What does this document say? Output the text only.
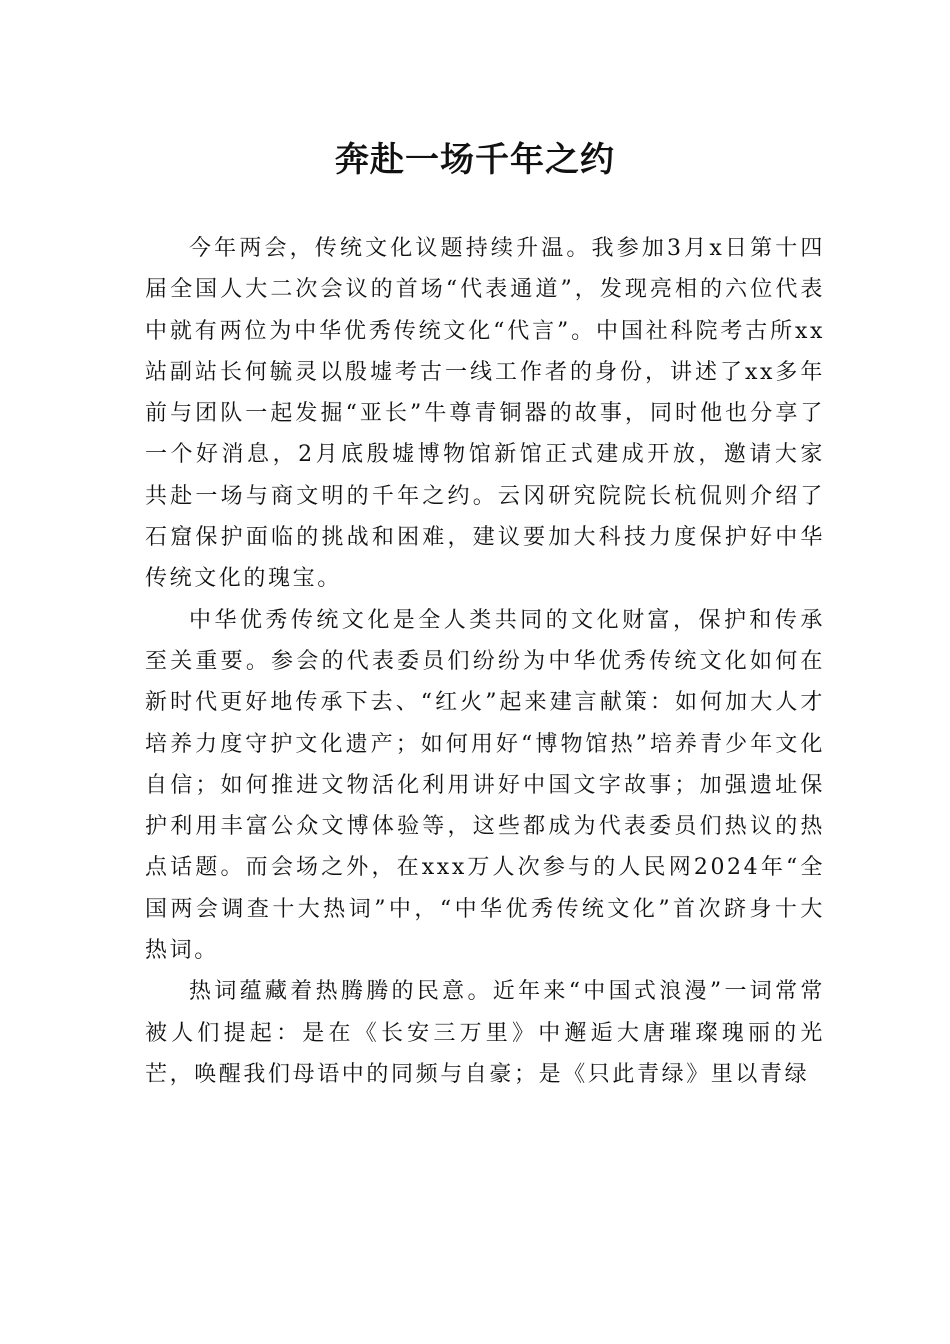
奔赴一场千年之约

今年两会，传统文化议题持续升温。我参加3月x日第十四届全国人大二次会议的首场“代表通道”，发现亮相的六位代表中就有两位为中华优秀传统文化“代言”。中国社科院考古所xx站副站长何毓灵以殷墟考古一线工作者的身份，讲述了xx多年前与团队一起发掘“亚长”牛尊青铜器的故事，同时他也分享了一个好消息，2月底殷墟博物馆新馆正式建成开放，邀请大家共赴一场与商文明的千年之约。云冈研究院院长杭侃则介绍了石窟保护面临的挑战和困难，建议要加大科技力度保护好中华传统文化的瑰宝。

中华优秀传统文化是全人类共同的文化财富，保护和传承至关重要。参会的代表委员们纷纷为中华优秀传统文化如何在新时代更好地传承下去、“红火”起来建言献策：如何加大人才培养力度守护文化遗产；如何用好“博物馆热”培养青少年文化自信；如何推进文物活化利用讲好中国文字故事；加强遗址保护利用丰富公众文博体验等，这些都成为代表委员们热议的热点话题。而会场之外，在xxx万人次参与的人民网2024年“全国两会调查十大热词”中，“中华优秀传统文化”首次跻身十大热词。

热词蕴藏着热腾腾的民意。近年来“中国式浪漫”一词常常被人们提起：是在《长安三万里》中邂逅大唐璀璨瑰丽的光芒，唤醒我们母语中的同频与自豪；是《只此青绿》里以青绿
